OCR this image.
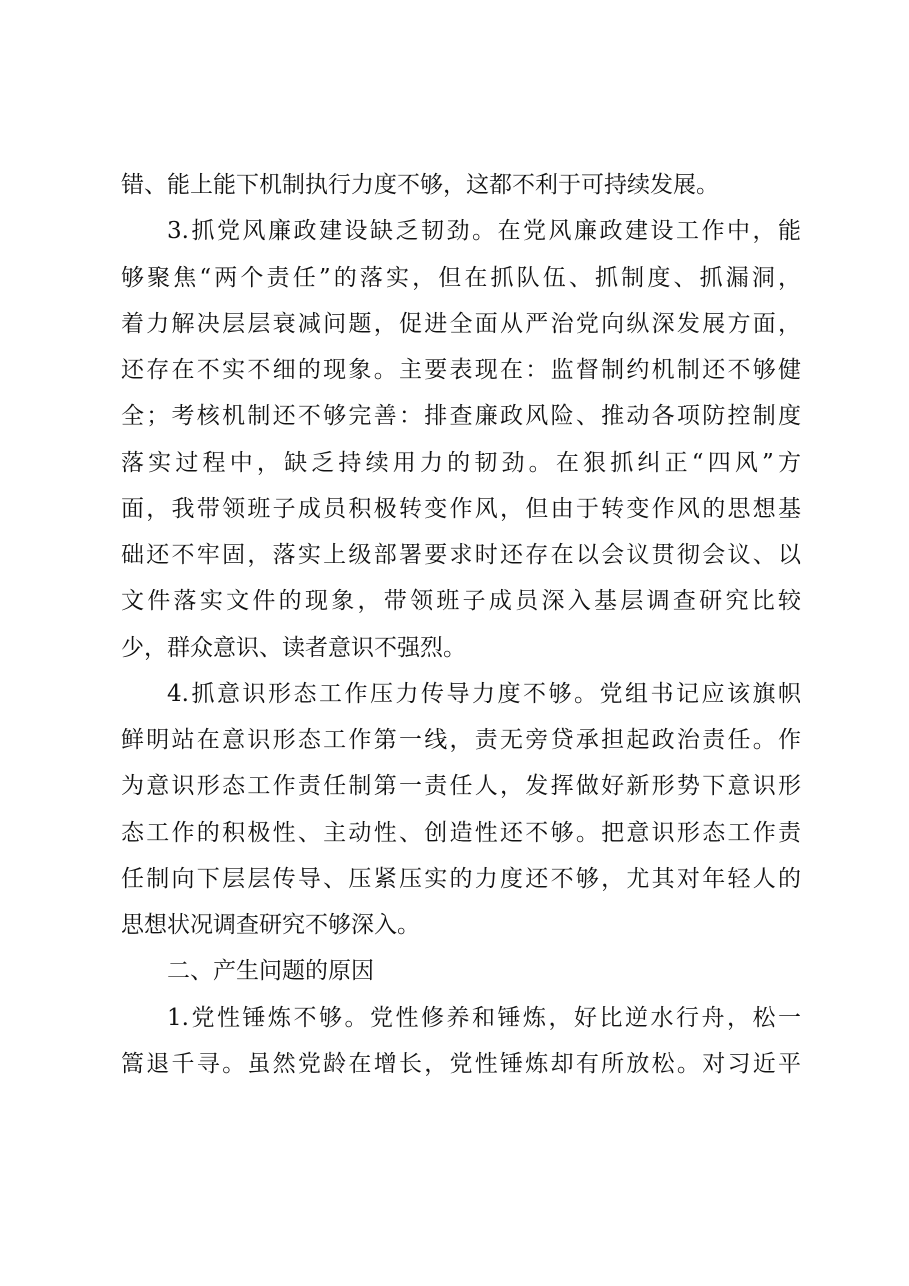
错、能上能下机制执行力度不够，这都不利于可持续发展。
3.抓党风廉政建设缺乏韧劲。在党风廉政建设工作中，能
够聚焦“两个责任”的落实，但在抓队伍、抓制度、抓漏洞，
着力解决层层衰减问题，促进全面从严治党向纵深发展方面，
还存在不实不细的现象。主要表现在：监督制约机制还不够健
全；考核机制还不够完善：排查廉政风险、推动各项防控制度
落实过程中，缺乏持续用力的韧劲。在狠抓纠正“四风”方
面，我带领班子成员积极转变作风，但由于转变作风的思想基
础还不牢固，落实上级部署要求时还存在以会议贯彻会议、以
文件落实文件的现象，带领班子成员深入基层调查研究比较
少，群众意识、读者意识不强烈。
4.抓意识形态工作压力传导力度不够。党组书记应该旗帜
鲜明站在意识形态工作第一线，责无旁贷承担起政治责任。作
为意识形态工作责任制第一责任人，发挥做好新形势下意识形
态工作的积极性、主动性、创造性还不够。把意识形态工作责
任制向下层层传导、压紧压实的力度还不够，尤其对年轻人的
思想状况调查研究不够深入。
二、产生问题的原因
1.党性锤炼不够。党性修养和锤炼，好比逆水行舟，松一
篙退千寻。虽然党龄在增长，党性锤炼却有所放松。对习近平
